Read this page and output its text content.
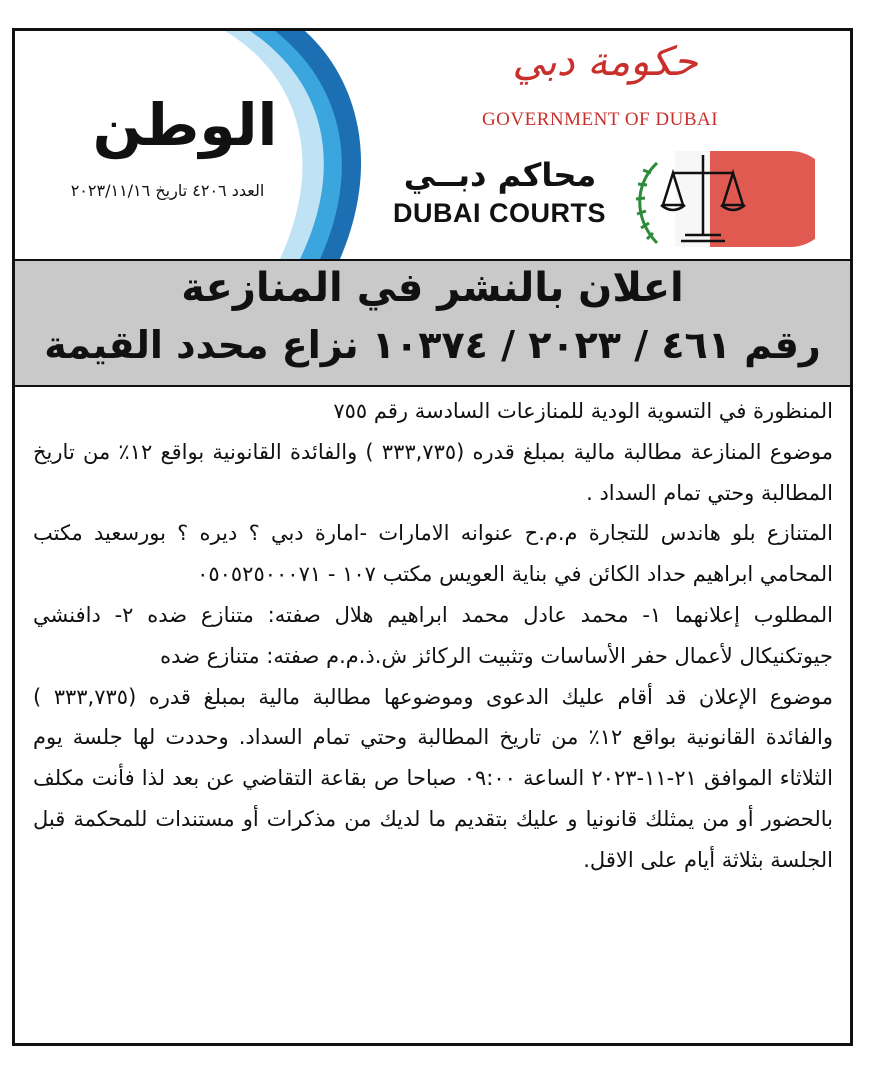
الوطن
العدد ٤٢٠٦ تاريخ ٢٠٢٣/١١/١٦
حكومة دبي
GOVERNMENT OF DUBAI
محاكم دبــي
DUBAI COURTS
اعلان بالنشر في المنازعة
رقم ٤٦١ / ٢٠٢٣ / ١٠٣٧٤ نزاع محدد القيمة

المنظورة في التسوية الودية للمنازعات السادسة رقم ٧٥٥

موضوع المنازعة مطالبة مالية بمبلغ قدره (٣٣٣,٧٣٥ ) والفائدة القانونية بواقع ١٢٪ من تاريخ المطالبة وحتي تمام السداد .

المتنازع بلو هاندس للتجارة م.م.ح عنوانه الامارات -امارة دبي ؟ ديره ؟ بورسعيد مكتب المحامي ابراهيم حداد الكائن في بناية العويس مكتب ١٠٧ - ٠٥٠٥٢٥٠٠٠٧١

المطلوب إعلانهما ١- محمد عادل محمد ابراهيم هلال صفته: متنازع ضده ٢- دافنشي جيوتكنيكال لأعمال حفر الأساسات وتثبيت الركائز ش.ذ.م.م صفته: متنازع ضده

موضوع الإعلان قد أقام عليك الدعوى وموضوعها مطالبة مالية بمبلغ قدره (٣٣٣,٧٣٥ ) والفائدة القانونية بواقع ١٢٪ من تاريخ المطالبة وحتي تمام السداد. وحددت لها جلسة يوم الثلاثاء الموافق ٢١-١١-٢٠٢٣ الساعة ٠٩:٠٠ صباحا ص بقاعة التقاضي عن بعد لذا فأنت مكلف بالحضور أو من يمثلك قانونيا و عليك بتقديم ما لديك من مذكرات أو مستندات للمحكمة قبل الجلسة بثلاثة أيام على الاقل.
